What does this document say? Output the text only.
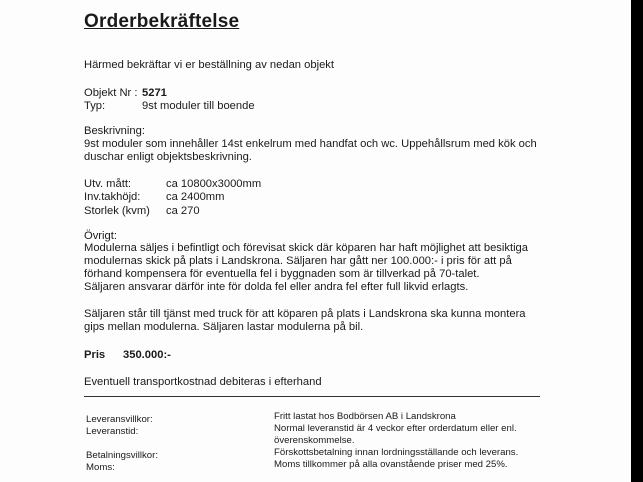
Orderbekräftelse
Härmed bekräftar vi er beställning av nedan objekt
Objekt Nr : 5271
Typ:	9st moduler till boende
Beskrivning:
9st moduler som innehåller 14st enkelrum med handfat och wc. Uppehållsrum med kök och
duschar enligt objektsbeskrivning.
Utv. mått:	ca 10800x3000mm
Inv.takhöjd: ca 2400mm
Storlek (kvm) ca 270
Övrigt:
Modulerna säljes i befintligt och förevisat skick där köparen har haft möjlighet att besiktiga
modulernas skick på plats i Landskrona. Säljaren har gått ner 100.000:- i pris för att på
förhand kompensera för eventuella fel i byggnaden som är tillverkad på 70-talet.
Säljaren ansvarar därför inte för dolda fel eller andra fel efter full likvid erlagts.
Säljaren står till tjänst med truck för att köparen på plats i Landskrona ska kunna montera
gips mellan modulerna. Säljaren lastar modulerna på bil.
Pris 350.000:-
Eventuell transportkostnad debiteras i efterhand
Leveransvillkor:	Fritt lastat hos Bodbörsen AB i Landskrona
Leveranstid:	Normal leveranstid är 4 veckor efter orderdatum eller enl.
överenskommelse.
Betalningsvillkor:	Förskottsbetalning innan lordningsställande och leverans.
Moms:	Moms tillkommer på alla ovanstående priser med 25%.
